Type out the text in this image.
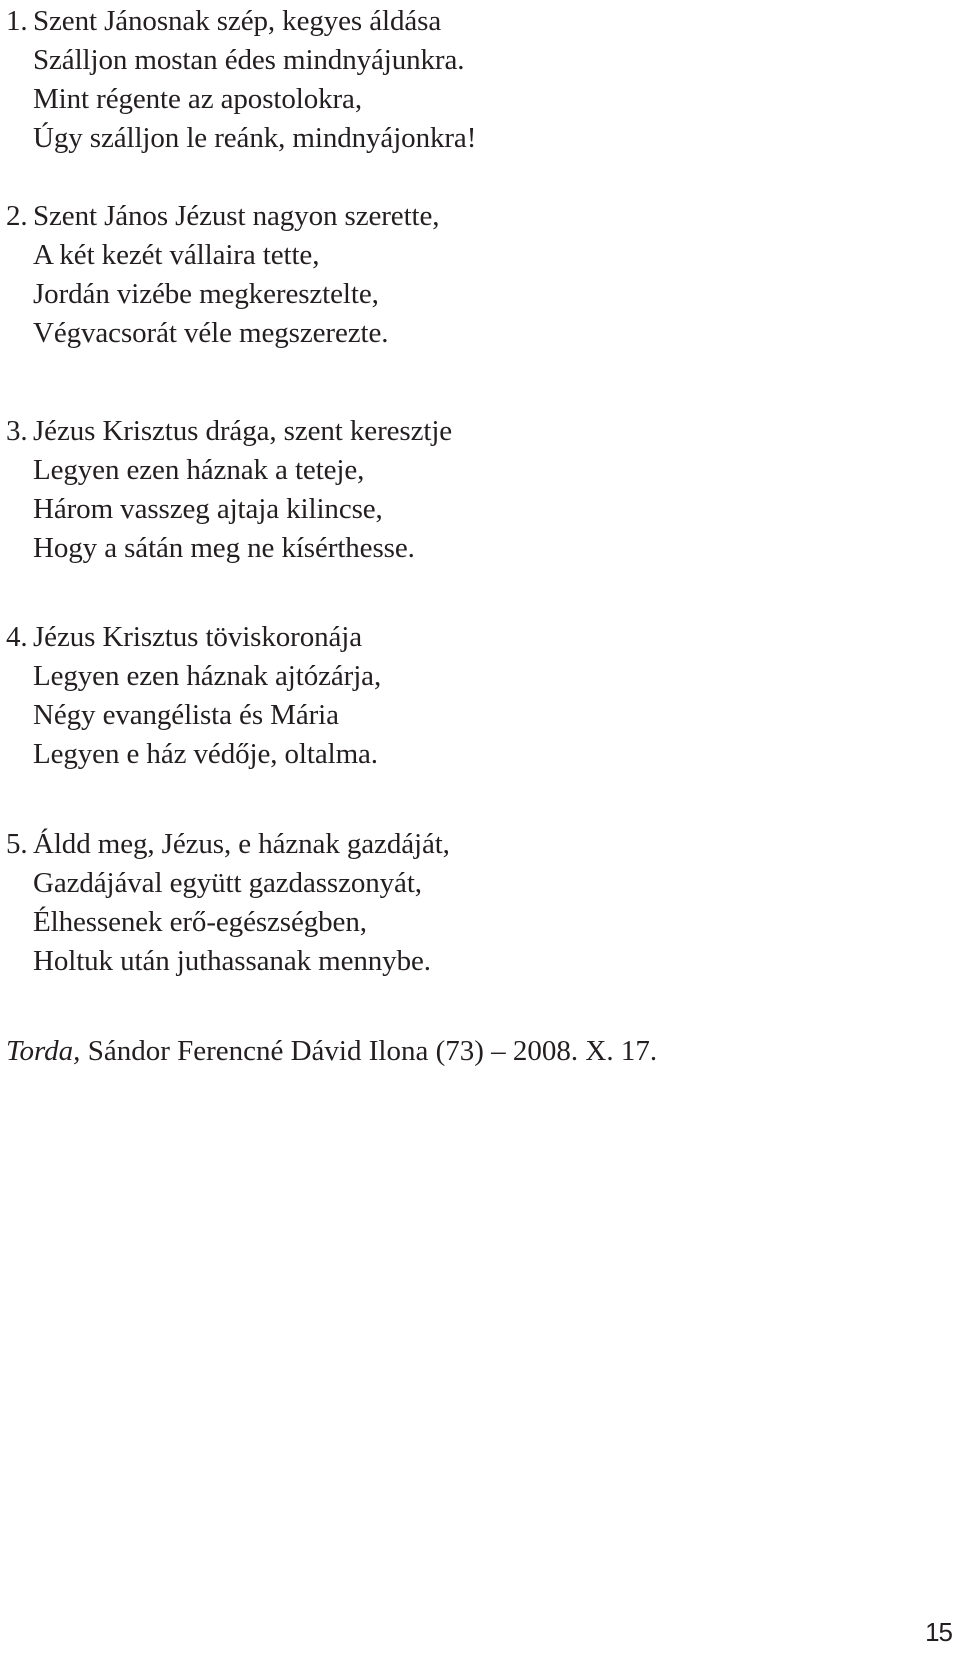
1. Szent Jánosnak szép, kegyes áldása
Szálljon mostan édes mindnyájunkra.
Mint régente az apostolokra,
Úgy szálljon le reánk, mindnyájonkra!
2. Szent János Jézust nagyon szerette,
A két kezét vállaira tette,
Jordán vizébe megkeresztelte,
Végvacsorát véle megszerezte.
3. Jézus Krisztus drága, szent keresztje
Legyen ezen háznak a teteje,
Három vasszeg ajtaja kilincse,
Hogy a sátán meg ne kísérthesse.
4. Jézus Krisztus töviskoronája
Legyen ezen háznak ajtózárja,
Négy evangélista és Mária
Legyen e ház védője, oltalma.
5. Áldd meg, Jézus, e háznak gazdáját,
Gazdájával együtt gazdasszonyát,
Élhessenek erő-egészségben,
Holtuk után juthassanak mennybe.
Torda, Sándor Ferencné Dávid Ilona (73) – 2008. X. 17.
15
